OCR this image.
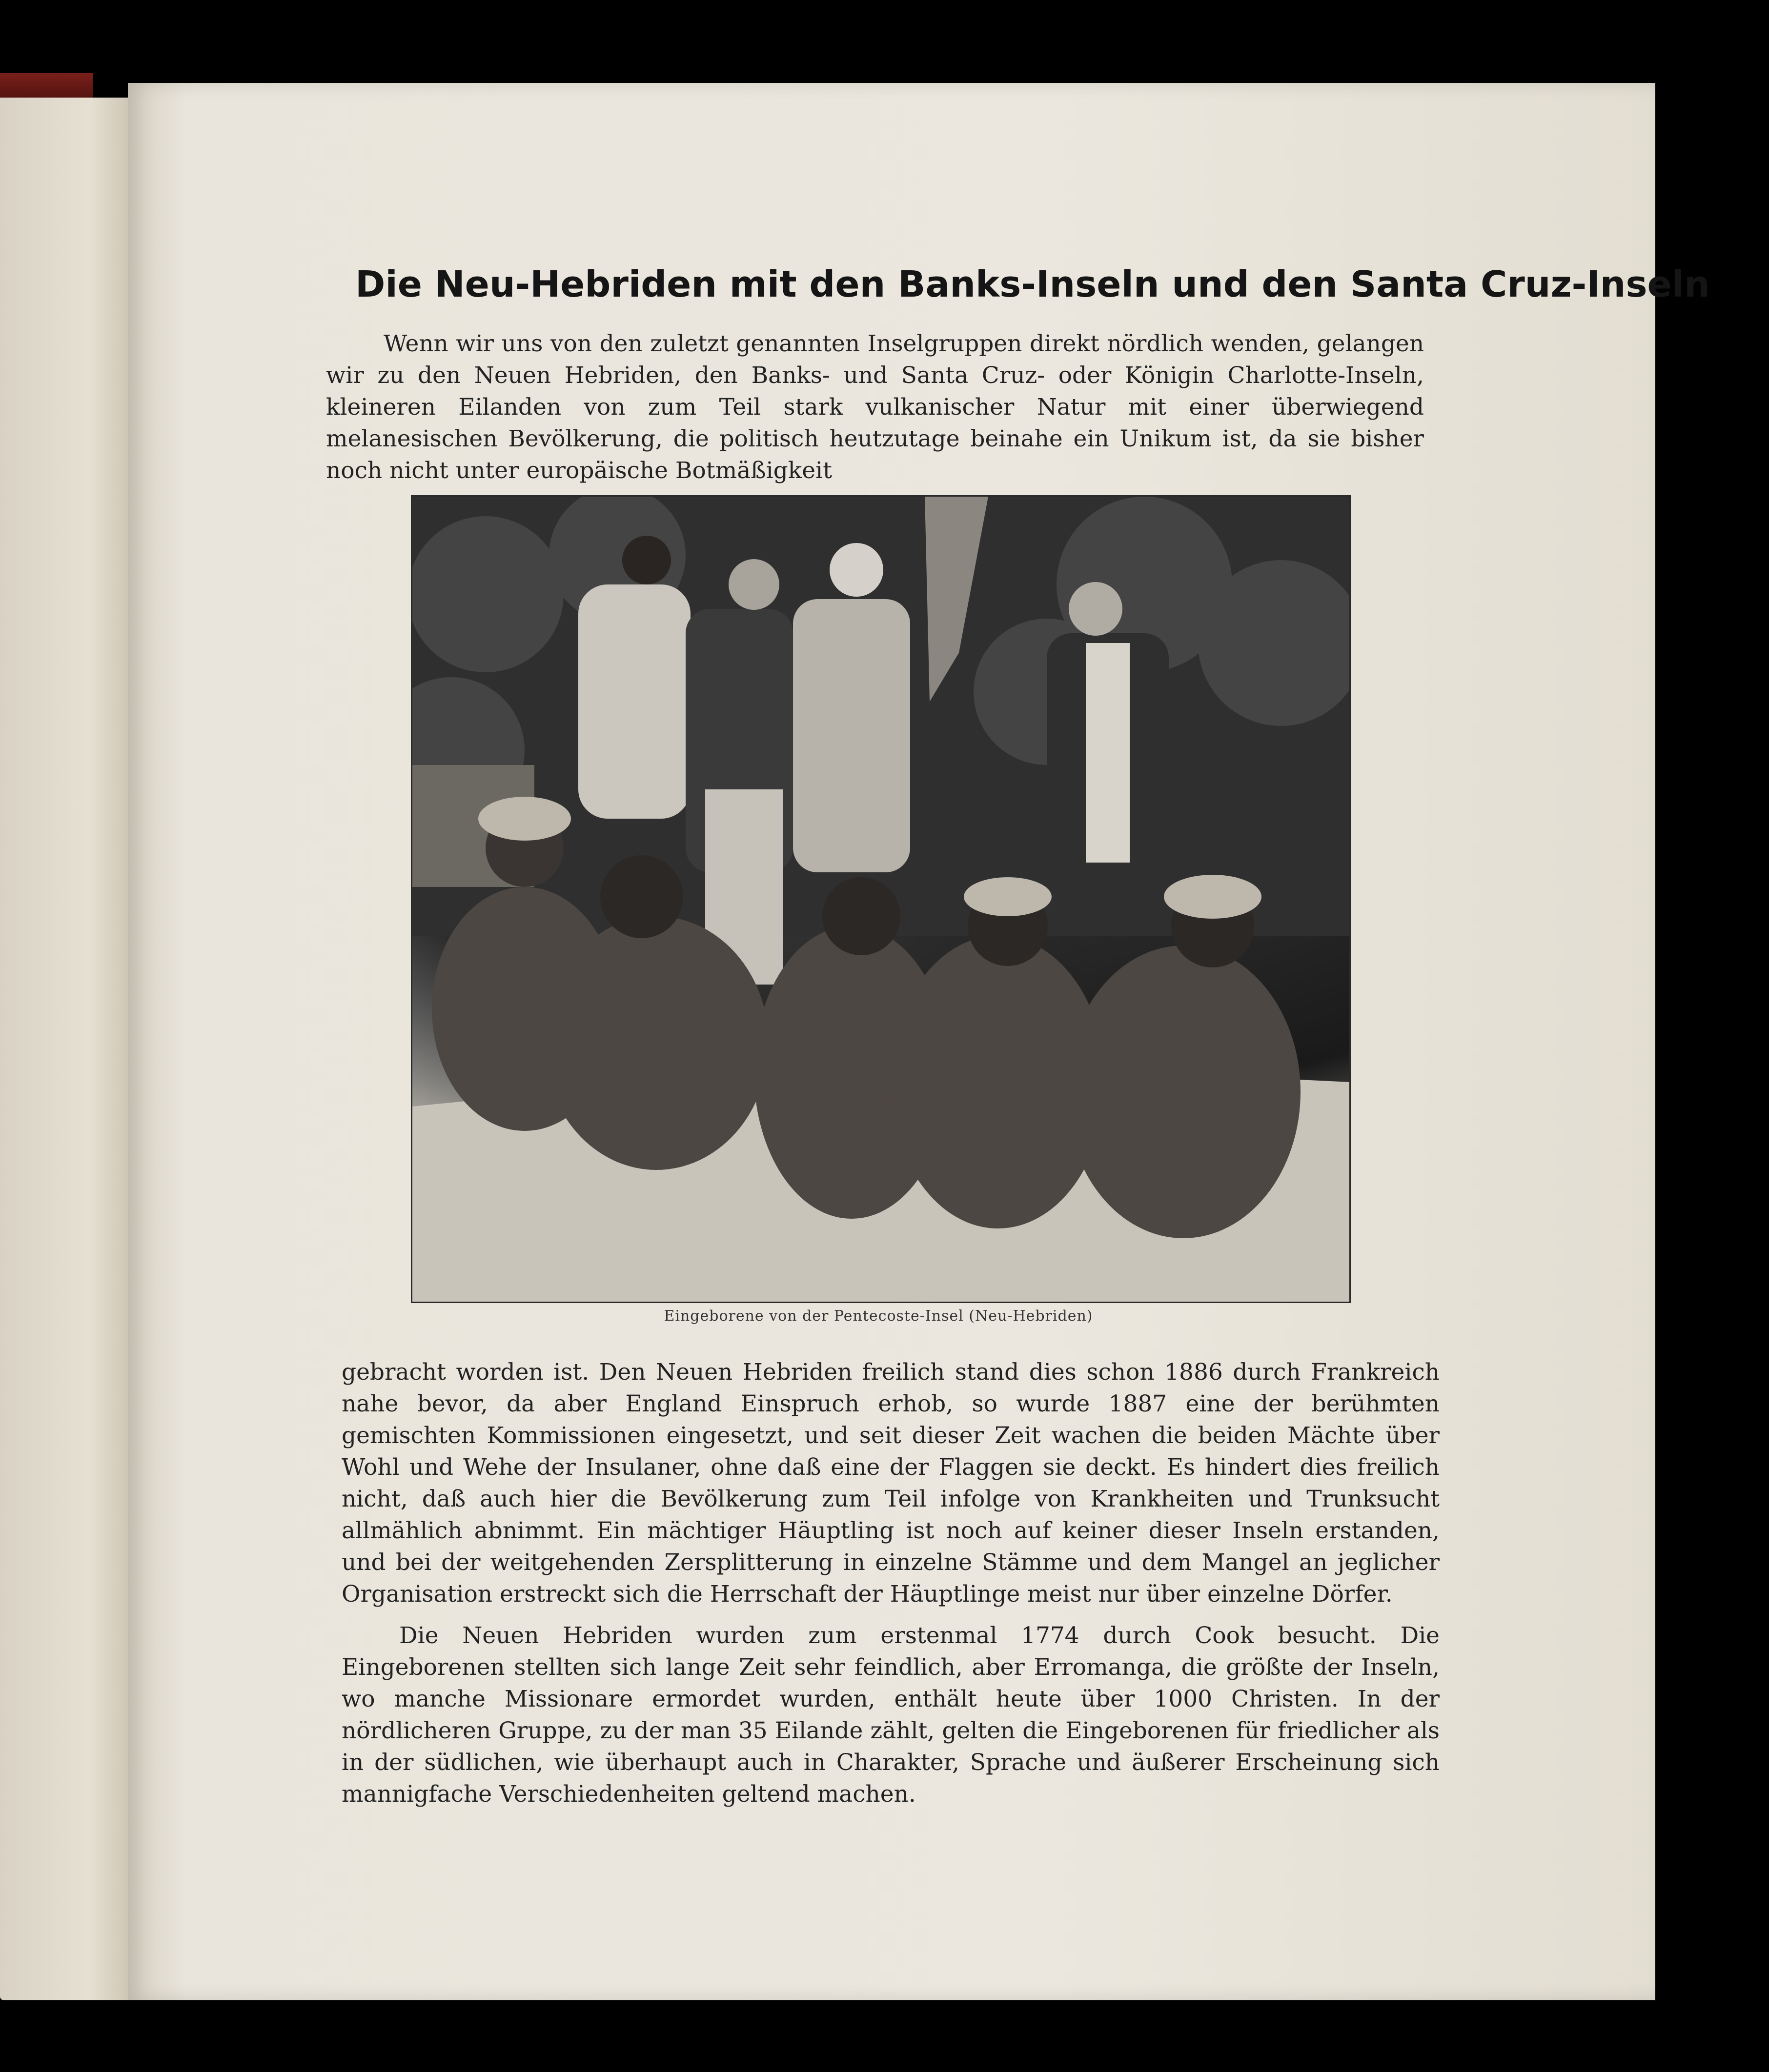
Die Neu-Hebriden mit den Banks-Inseln und den Santa Cruz-Inseln
Wenn wir uns von den zuletzt genannten Inselgruppen direkt nördlich wenden, gelangen wir zu den Neuen Hebriden, den Banks- und Santa Cruz- oder Königin Charlotte-Inseln, kleineren Eilanden von zum Teil stark vulkanischer Natur mit einer überwiegend melanesischen Bevölkerung, die politisch heutzutage beinahe ein Unikum ist, da sie bisher noch nicht unter europäische Botmäßigkeit
Eingeborene von der Pentecoste-Insel (Neu-Hebriden)
gebracht worden ist. Den Neuen Hebriden freilich stand dies schon 1886 durch Frankreich nahe bevor, da aber England Einspruch erhob, so wurde 1887 eine der berühmten gemischten Kommissionen eingesetzt, und seit dieser Zeit wachen die beiden Mächte über Wohl und Wehe der Insulaner, ohne daß eine der Flaggen sie deckt. Es hindert dies freilich nicht, daß auch hier die Bevölkerung zum Teil infolge von Krankheiten und Trunksucht allmählich abnimmt. Ein mächtiger Häuptling ist noch auf keiner dieser Inseln erstanden, und bei der weitgehenden Zersplitterung in einzelne Stämme und dem Mangel an jeglicher Organisation erstreckt sich die Herrschaft der Häuptlinge meist nur über einzelne Dörfer.
Die Neuen Hebriden wurden zum erstenmal 1774 durch Cook besucht. Die Eingeborenen stellten sich lange Zeit sehr feindlich, aber Erromanga, die größte der Inseln, wo manche Missionare ermordet wurden, enthält heute über 1000 Christen. In der nördlicheren Gruppe, zu der man 35 Eilande zählt, gelten die Eingeborenen für friedlicher als in der südlichen, wie überhaupt auch in Charakter, Sprache und äußerer Erscheinung sich mannigfache Verschiedenheiten geltend machen.
